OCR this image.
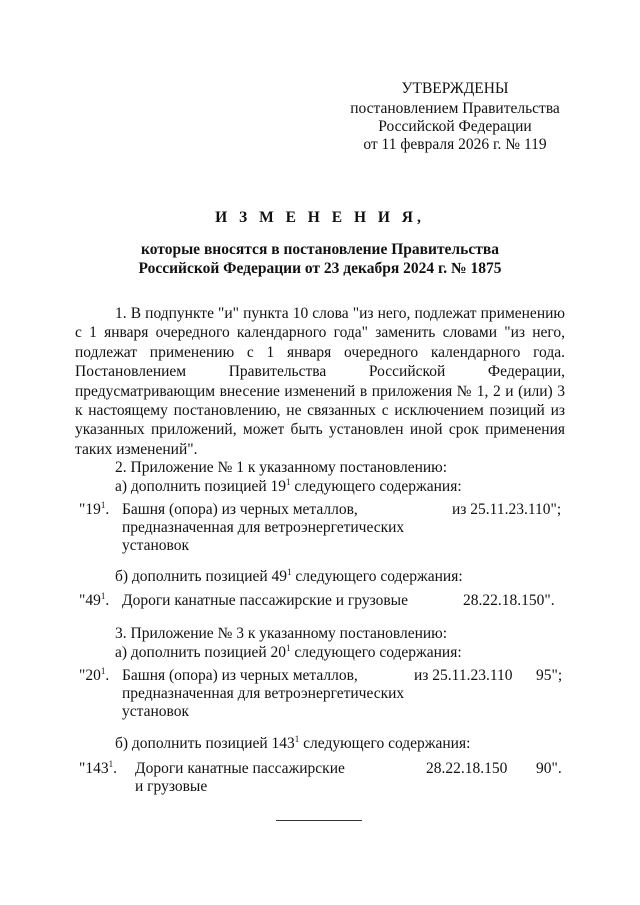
УТВЕРЖДЕНЫ
постановлением Правительства
Российской Федерации
от 11 февраля 2026 г. № 119
И З М Е Н Е Н И Я,
которые вносятся в постановление Правительства
Российской Федерации от 23 декабря 2024 г. № 1875
1. В подпункте "и" пункта 10 слова "из него, подлежат применению с 1 января очередного календарного года" заменить словами "из него, подлежат применению с 1 января очередного календарного года. Постановлением Правительства Российской Федерации, предусматривающим внесение изменений в приложения № 1, 2 и (или) 3 к настоящему постановлению, не связанных с исключением позиций из указанных приложений, может быть установлен иной срок применения таких изменений".
2. Приложение № 1 к указанному постановлению:
а) дополнить позицией $19^1$ следующего содержания:
"$19^1$. Башня (опора) из черных металлов,
предназначенная для ветроэнергетических
установок
из 25.11.23.110";
б) дополнить позицией $49^1$ следующего содержания:
"$49^1$. Дороги канатные пассажирские и грузовые	28.22.18.150".
3. Приложение № 3 к указанному постановлению:
а) дополнить позицией $20^1$ следующего содержания:
"$20^1$. Башня (опора) из черных металлов,
предназначенная для ветроэнергетических
установок
из 25.11.23.110 95";
б) дополнить позицией $143^1$ следующего содержания:
"$143^1$. Дороги канатные пассажирские
и грузовые
28.22.18.150 90".
